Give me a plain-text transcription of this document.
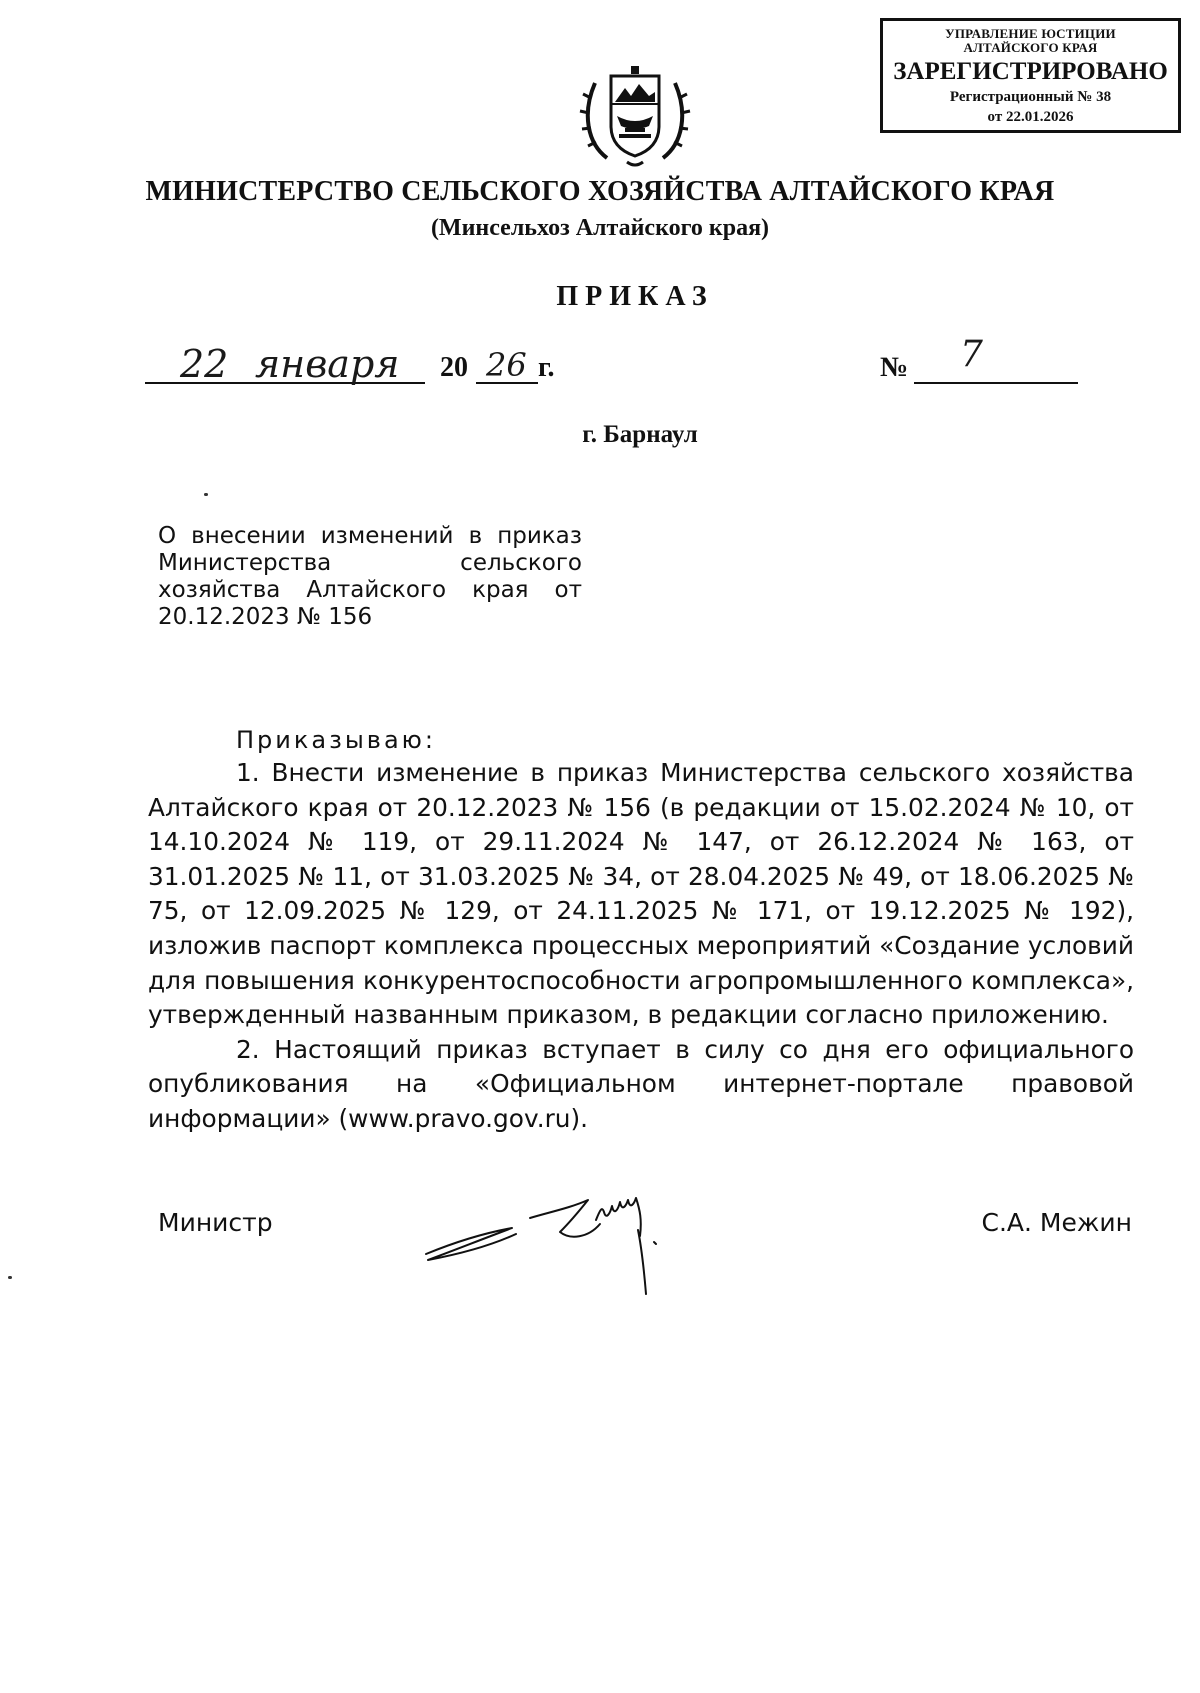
УПРАВЛЕНИЕ ЮСТИЦИИ АЛТАЙСКОГО КРАЯ
ЗАРЕГИСТРИРОВАНО
Регистрационный № 38
от 22.01.2026
МИНИСТЕРСТВО СЕЛЬСКОГО ХОЗЯЙСТВА АЛТАЙСКОГО КРАЯ
(Минсельхоз Алтайского края)
ПРИКАЗ
22 января 20 26 г.	№ 7
г. Барнаул
О внесении изменений в приказ Министерства сельского хозяйства Алтайского края от 20.12.2023 № 156
Приказываю:

1. Внести изменение в приказ Министерства сельского хозяйства Алтайского края от 20.12.2023 № 156 (в редакции от 15.02.2024 № 10, от 14.10.2024 № 119, от 29.11.2024 № 147, от 26.12.2024 № 163, от 31.01.2025 № 11, от 31.03.2025 № 34, от 28.04.2025 № 49, от 18.06.2025 № 75, от 12.09.2025 № 129, от 24.11.2025 № 171, от 19.12.2025 № 192), изложив паспорт комплекса процессных мероприятий «Создание условий для повышения конкурентоспособности агропромышленного комплекса», утвержденный названным приказом, в редакции согласно приложению.

2. Настоящий приказ вступает в силу со дня его официального опубликования на «Официальном интернет-портале правовой информации» (www.pravo.gov.ru).

Министр	С.А. Межин
